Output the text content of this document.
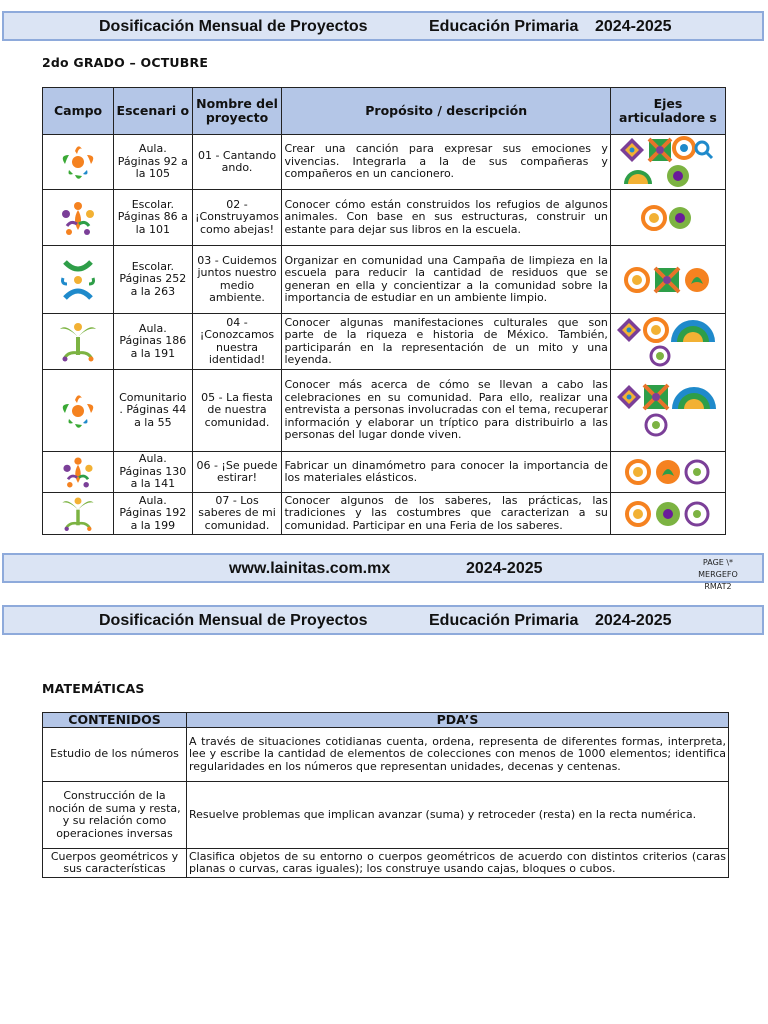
Dosificación Mensual de Proyectos	Educación Primaria 2024-2025
2do GRADO – OCTUBRE
Campo	Escenari o	Nombre del proyecto	Propósito / descripción	Ejes articuladore s

	Aula. Páginas 92 a la 105	01 - Cantando ando.	Crear una canción para expresar sus emociones y vivencias. Integrarla a la de sus compañeras y compañeros en un cancionero.	

	Escolar. Páginas 86 a la 101	02 - ¡Construyamos como abejas!	Conocer cómo están construidos los refugios de algunos animales. Con base en sus estructuras, construir un estante para dejar sus libros en la escuela.	

	Escolar. Páginas 252 a la 263	03 - Cuidemos juntos nuestro medio ambiente.	Organizar en comunidad una Campaña de limpieza en la escuela para reducir la cantidad de residuos que se generan en ella y concientizar a la comunidad sobre la importancia de estudiar en un ambiente limpio.	

	Aula. Páginas 186 a la 191	04 - ¡Conozcamos nuestra identidad!	Conocer algunas manifestaciones culturales que son parte de la riqueza e historia de México. También, participarán en la representación de un mito y una leyenda.	

	Comunitario . Páginas 44 a la 55	05 - La fiesta de nuestra comunidad.	Conocer más acerca de cómo se llevan a cabo las celebraciones en su comunidad. Para ello, realizar una entrevista a personas involucradas con el tema, recuperar información y elaborar un tríptico para distribuirlo a las personas del lugar donde viven.	

	Aula. Páginas 130 a la 141	06 - ¡Se puede estirar!	Fabricar un dinamómetro para conocer la importancia de los materiales elásticos.	

	Aula. Páginas 192 a la 199	07 - Los saberes de mi comunidad.	Conocer algunos de los saberes, las prácticas, las tradiciones y las costumbres que caracterizan a su comunidad. Participar en una Feria de los saberes.	
www.lainitas.com.mx	2024-2025	PAGE \*
MERGEFO
RMAT2
Dosificación Mensual de Proyectos	Educación Primaria 2024-2025
MATEMÁTICAS
CONTENIDOS	PDA’S
Estudio de los números	A través de situaciones cotidianas cuenta, ordena, representa de diferentes formas, interpreta, lee y escribe la cantidad de elementos de colecciones con menos de 1000 elementos; identifica regularidades en los números que representan unidades, decenas y centenas.
Construcción de la noción de suma y resta, y su relación como operaciones inversas	Resuelve problemas que implican avanzar (suma) y retroceder (resta) en la recta numérica.
Cuerpos geométricos y sus características	Clasifica objetos de su entorno o cuerpos geométricos de acuerdo con distintos criterios (caras planas o curvas, caras iguales); los construye usando cajas, bloques o cubos.
